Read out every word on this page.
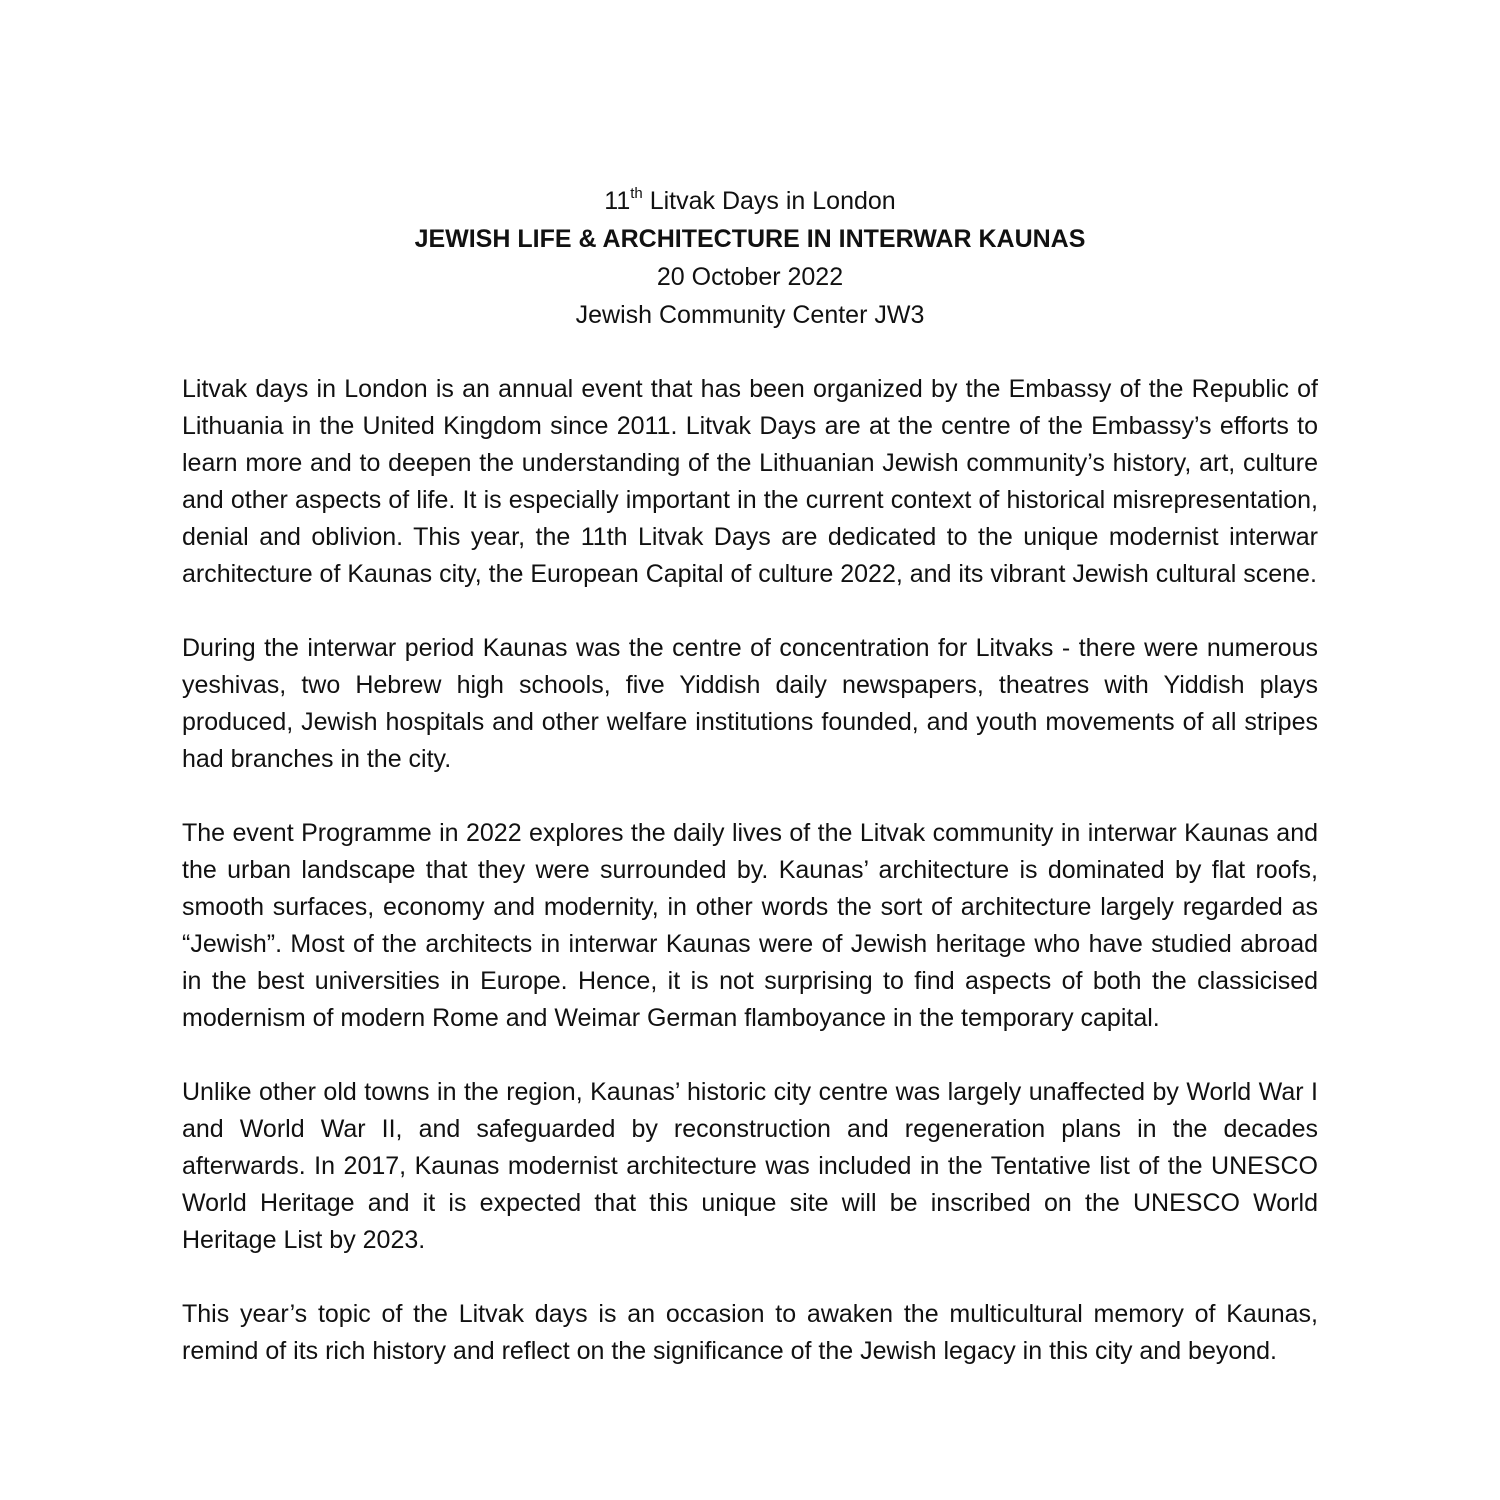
11th Litvak Days in London
JEWISH LIFE & ARCHITECTURE IN INTERWAR KAUNAS
20 October 2022
Jewish Community Center JW3

Litvak days in London is an annual event that has been organized by the Embassy of the Republic of Lithuania in the United Kingdom since 2011. Litvak Days are at the centre of the Embassy’s efforts to learn more and to deepen the understanding of the Lithuanian Jewish community’s history, art, culture and other aspects of life. It is especially important in the current context of historical misrepresentation, denial and oblivion. This year, the 11th Litvak Days are dedicated to the unique modernist interwar architecture of Kaunas city, the European Capital of culture 2022, and its vibrant Jewish cultural scene.

During the interwar period Kaunas was the centre of concentration for Litvaks - there were numerous yeshivas, two Hebrew high schools, five Yiddish daily newspapers, theatres with Yiddish plays produced, Jewish hospitals and other welfare institutions founded, and youth movements of all stripes had branches in the city.

The event Programme in 2022 explores the daily lives of the Litvak community in interwar Kaunas and the urban landscape that they were surrounded by. Kaunas’ architecture is dominated by flat roofs, smooth surfaces, economy and modernity, in other words the sort of architecture largely regarded as “Jewish”. Most of the architects in interwar Kaunas were of Jewish heritage who have studied abroad in the best universities in Europe. Hence, it is not surprising to find aspects of both the classicised modernism of modern Rome and Weimar German flamboyance in the temporary capital.

Unlike other old towns in the region, Kaunas’ historic city centre was largely unaffected by World War I and World War II, and safeguarded by reconstruction and regeneration plans in the decades afterwards. In 2017, Kaunas modernist architecture was included in the Tentative list of the UNESCO World Heritage and it is expected that this unique site will be inscribed on the UNESCO World Heritage List by 2023.

This year’s topic of the Litvak days is an occasion to awaken the multicultural memory of Kaunas, remind of its rich history and reflect on the significance of the Jewish legacy in this city and beyond.
